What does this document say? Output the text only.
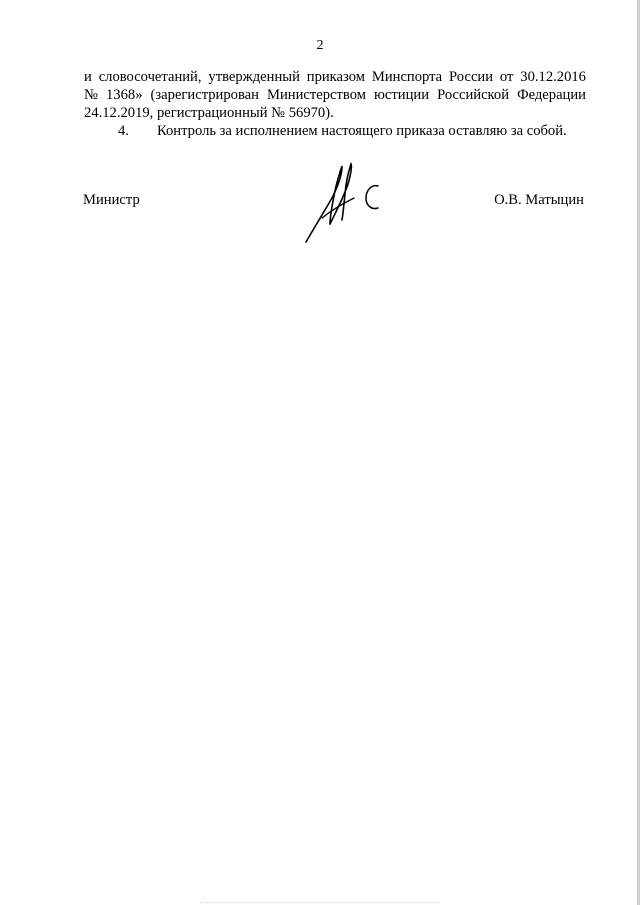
2
и словосочетаний, утвержденный приказом Минспорта России от 30.12.2016
№ 1368» (зарегистрирован Министерством юстиции Российской Федерации
24.12.2019, регистрационный № 56970).
4. Контроль за исполнением настоящего приказа оставляю за собой.
Министр	О.В. Матыцин
